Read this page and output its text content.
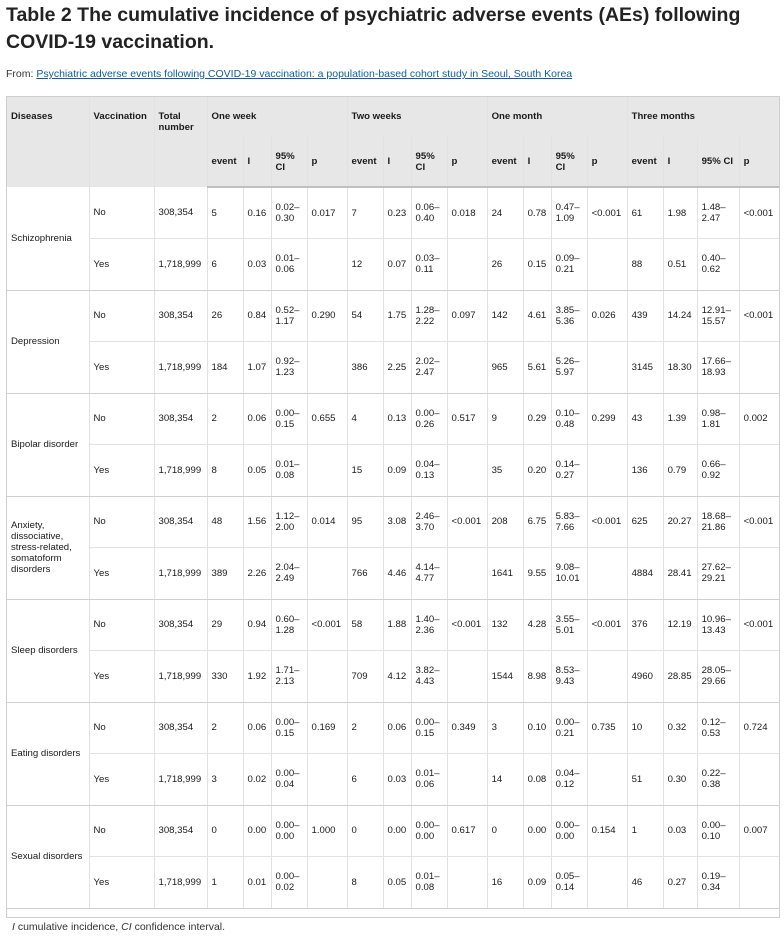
Table 2 The cumulative incidence of psychiatric adverse events (AEs) following COVID-19 vaccination.
From: Psychiatric adverse events following COVID-19 vaccination: a population-based cohort study in Seoul, South Korea
Diseases	Vaccination	Total number	One week				Two weeks				One month				Three months			
			event	I	95% CI	p	event	I	95% CI	p	event	I	95% CI	p	event	I	95% CI	p
Schizophrenia	No	308,354	5	0.16	0.02–0.30	0.017	7	0.23	0.06–0.40	0.018	24	0.78	0.47–1.09	<0.001	61	1.98	1.48–2.47	<0.001
	Yes	1,718,999	6	0.03	0.01–0.06		12	0.07	0.03–0.11		26	0.15	0.09–0.21		88	0.51	0.40–0.62	
Depression	No	308,354	26	0.84	0.52–1.17	0.290	54	1.75	1.28–2.22	0.097	142	4.61	3.85–5.36	0.026	439	14.24	12.91–15.57	<0.001
	Yes	1,718,999	184	1.07	0.92–1.23		386	2.25	2.02–2.47		965	5.61	5.26–5.97		3145	18.30	17.66–18.93	
Bipolar disorder	No	308,354	2	0.06	0.00–0.15	0.655	4	0.13	0.00–0.26	0.517	9	0.29	0.10–0.48	0.299	43	1.39	0.98–1.81	0.002
	Yes	1,718,999	8	0.05	0.01–0.08		15	0.09	0.04–0.13		35	0.20	0.14–0.27		136	0.79	0.66–0.92	
Anxiety, dissociative, stress-related, somatoform disorders	No	308,354	48	1.56	1.12–2.00	0.014	95	3.08	2.46–3.70	<0.001	208	6.75	5.83–7.66	<0.001	625	20.27	18.68–21.86	<0.001
	Yes	1,718,999	389	2.26	2.04–2.49		766	4.46	4.14–4.77		1641	9.55	9.08–10.01		4884	28.41	27.62–29.21	
Sleep disorders	No	308,354	29	0.94	0.60–1.28	<0.001	58	1.88	1.40–2.36	<0.001	132	4.28	3.55–5.01	<0.001	376	12.19	10.96–13.43	<0.001
	Yes	1,718,999	330	1.92	1.71–2.13		709	4.12	3.82–4.43		1544	8.98	8.53–9.43		4960	28.85	28.05–29.66	
Eating disorders	No	308,354	2	0.06	0.00–0.15	0.169	2	0.06	0.00–0.15	0.349	3	0.10	0.00–0.21	0.735	10	0.32	0.12–0.53	0.724
	Yes	1,718,999	3	0.02	0.00–0.04		6	0.03	0.01–0.06		14	0.08	0.04–0.12		51	0.30	0.22–0.38	
Sexual disorders	No	308,354	0	0.00	0.00–0.00	1.000	0	0.00	0.00–0.00	0.617	0	0.00	0.00–0.00	0.154	1	0.03	0.00–0.10	0.007
	Yes	1,718,999	1	0.01	0.00–0.02		8	0.05	0.01–0.08		16	0.09	0.05–0.14		46	0.27	0.19–0.34	
I cumulative incidence, CI confidence interval.
